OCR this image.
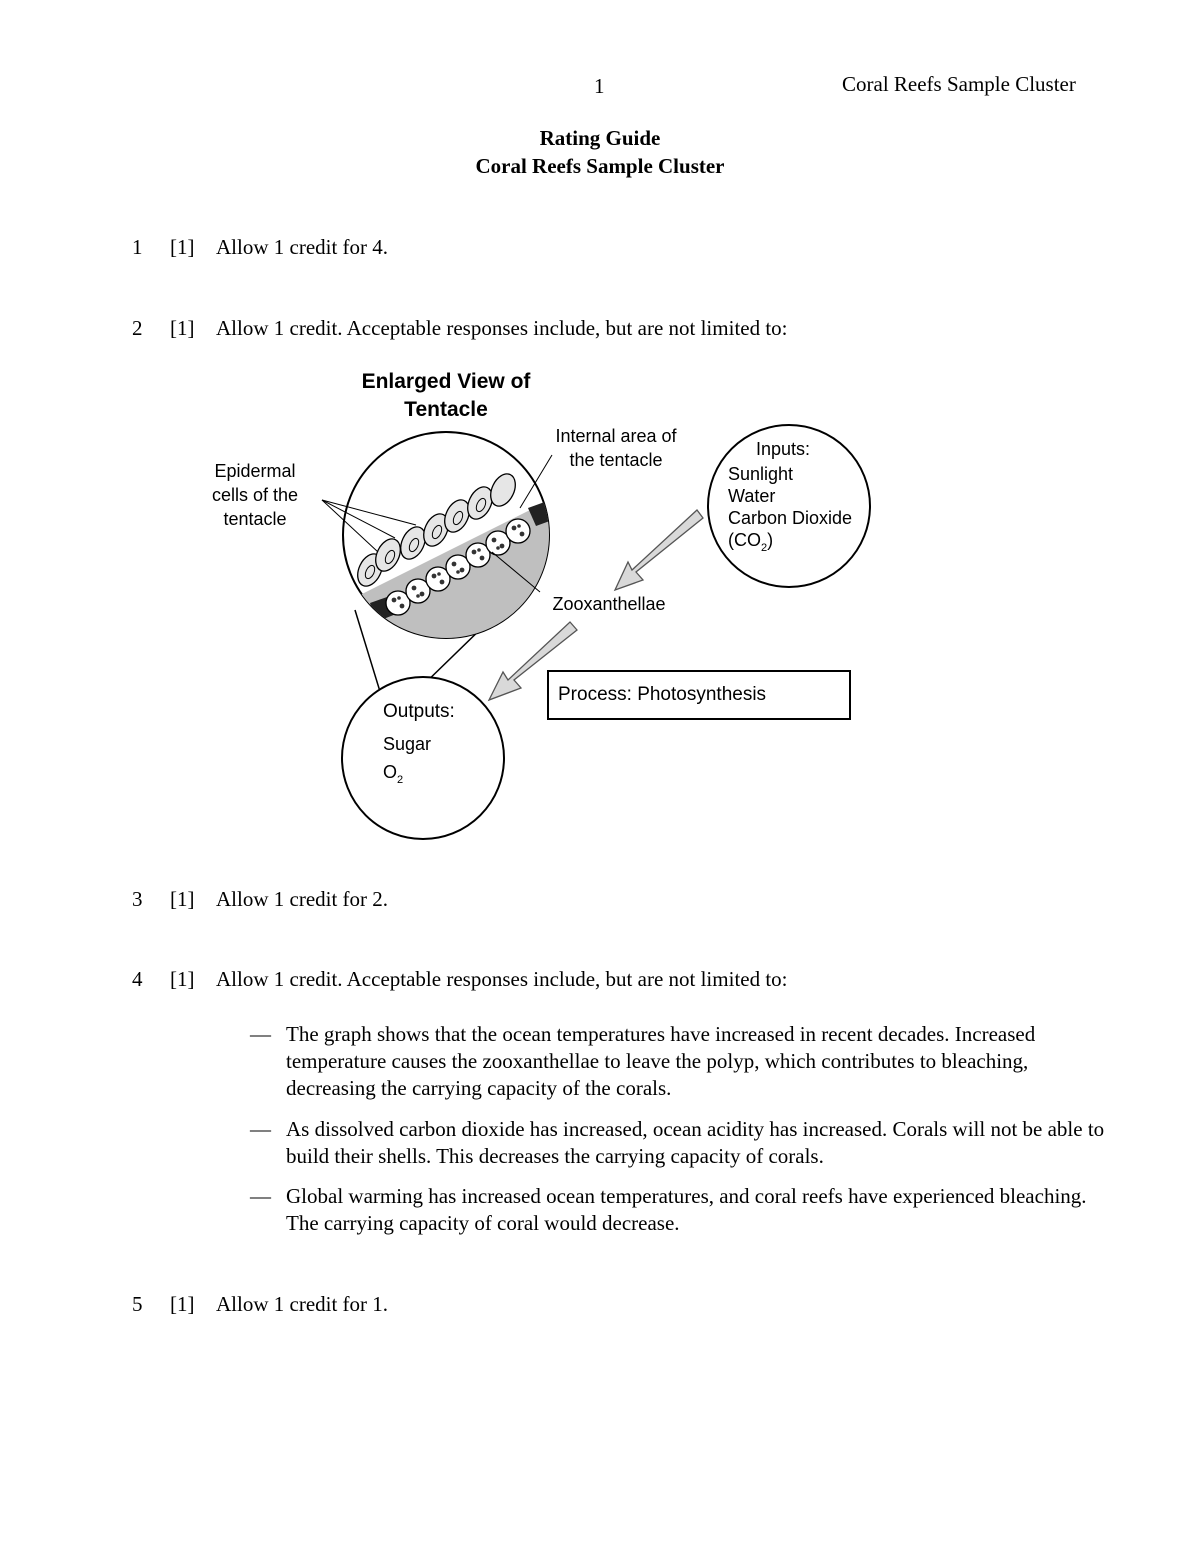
1	Coral Reefs Sample Cluster
Rating Guide
Coral Reefs Sample Cluster
1 [1] Allow 1 credit for 4.
2 [1] Allow 1 credit. Acceptable responses include, but are not limited to:
Enlarged View of
Tentacle
Epidermal
cells of the
tentacle
Internal area of
the tentacle
Zooxanthellae
Inputs:
Sunlight
Water
Carbon Dioxide
$(CO_2)$
Process: Photosynthesis
Outputs:
Sugar
$O_2$
3 [1] Allow 1 credit for 2.
4 [1] Allow 1 credit. Acceptable responses include, but are not limited to:
— The graph shows that the ocean temperatures have increased in recent decades. Increased temperature causes the zooxanthellae to leave the polyp, which contributes to bleaching, decreasing the carrying capacity of the corals.
— As dissolved carbon dioxide has increased, ocean acidity has increased. Corals will not be able to build their shells. This decreases the carrying capacity of corals.
— Global warming has increased ocean temperatures, and coral reefs have experienced bleaching. The carrying capacity of coral would decrease.
5 [1] Allow 1 credit for 1.
